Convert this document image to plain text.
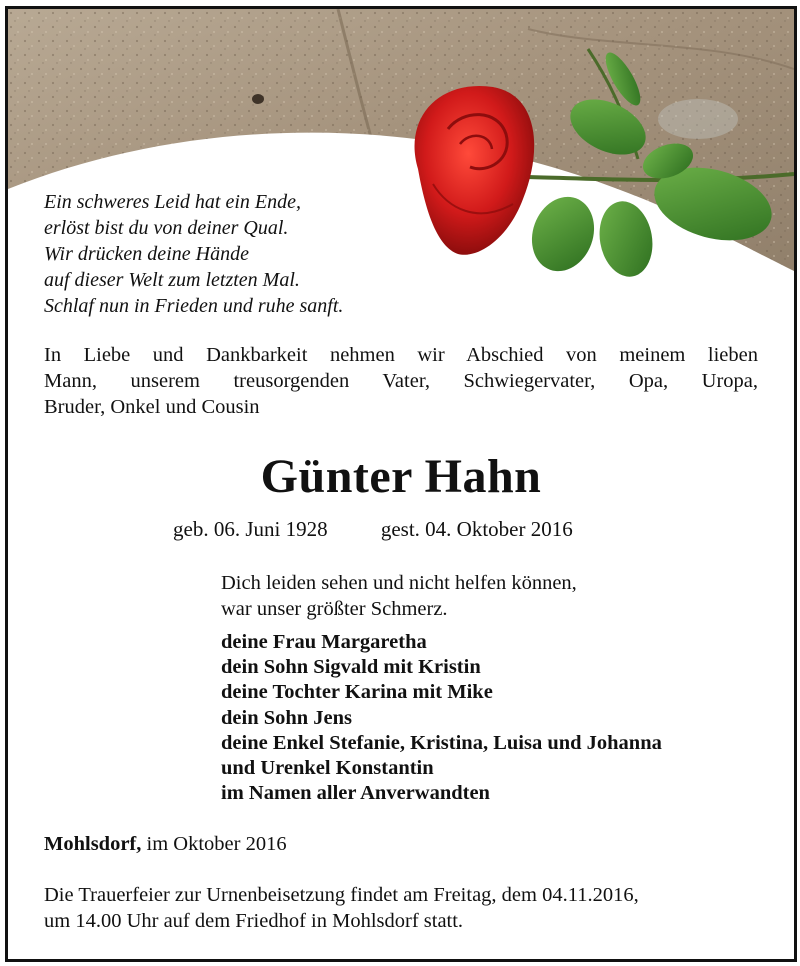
Ein schweres Leid hat ein Ende,
erlöst bist du von deiner Qual.
Wir drücken deine Hände
auf dieser Welt zum letzten Mal.
Schlaf nun in Frieden und ruhe sanft.
In Liebe und Dankbarkeit nehmen wir Abschied von meinem lieben
Mann, unserem treusorgenden Vater, Schwiegervater, Opa, Uropa,
Bruder, Onkel und Cousin
Günter Hahn
geb. 06. Juni 1928	gest. 04. Oktober 2016
Dich leiden sehen und nicht helfen können,
war unser größter Schmerz.
deine Frau Margaretha
dein Sohn Sigvald mit Kristin
deine Tochter Karina mit Mike
dein Sohn Jens
deine Enkel Stefanie, Kristina, Luisa und Johanna
und Urenkel Konstantin
im Namen aller Anverwandten
Mohlsdorf, im Oktober 2016
Die Trauerfeier zur Urnenbeisetzung findet am Freitag, dem 04.11.2016,
um 14.00 Uhr auf dem Friedhof in Mohlsdorf statt.
